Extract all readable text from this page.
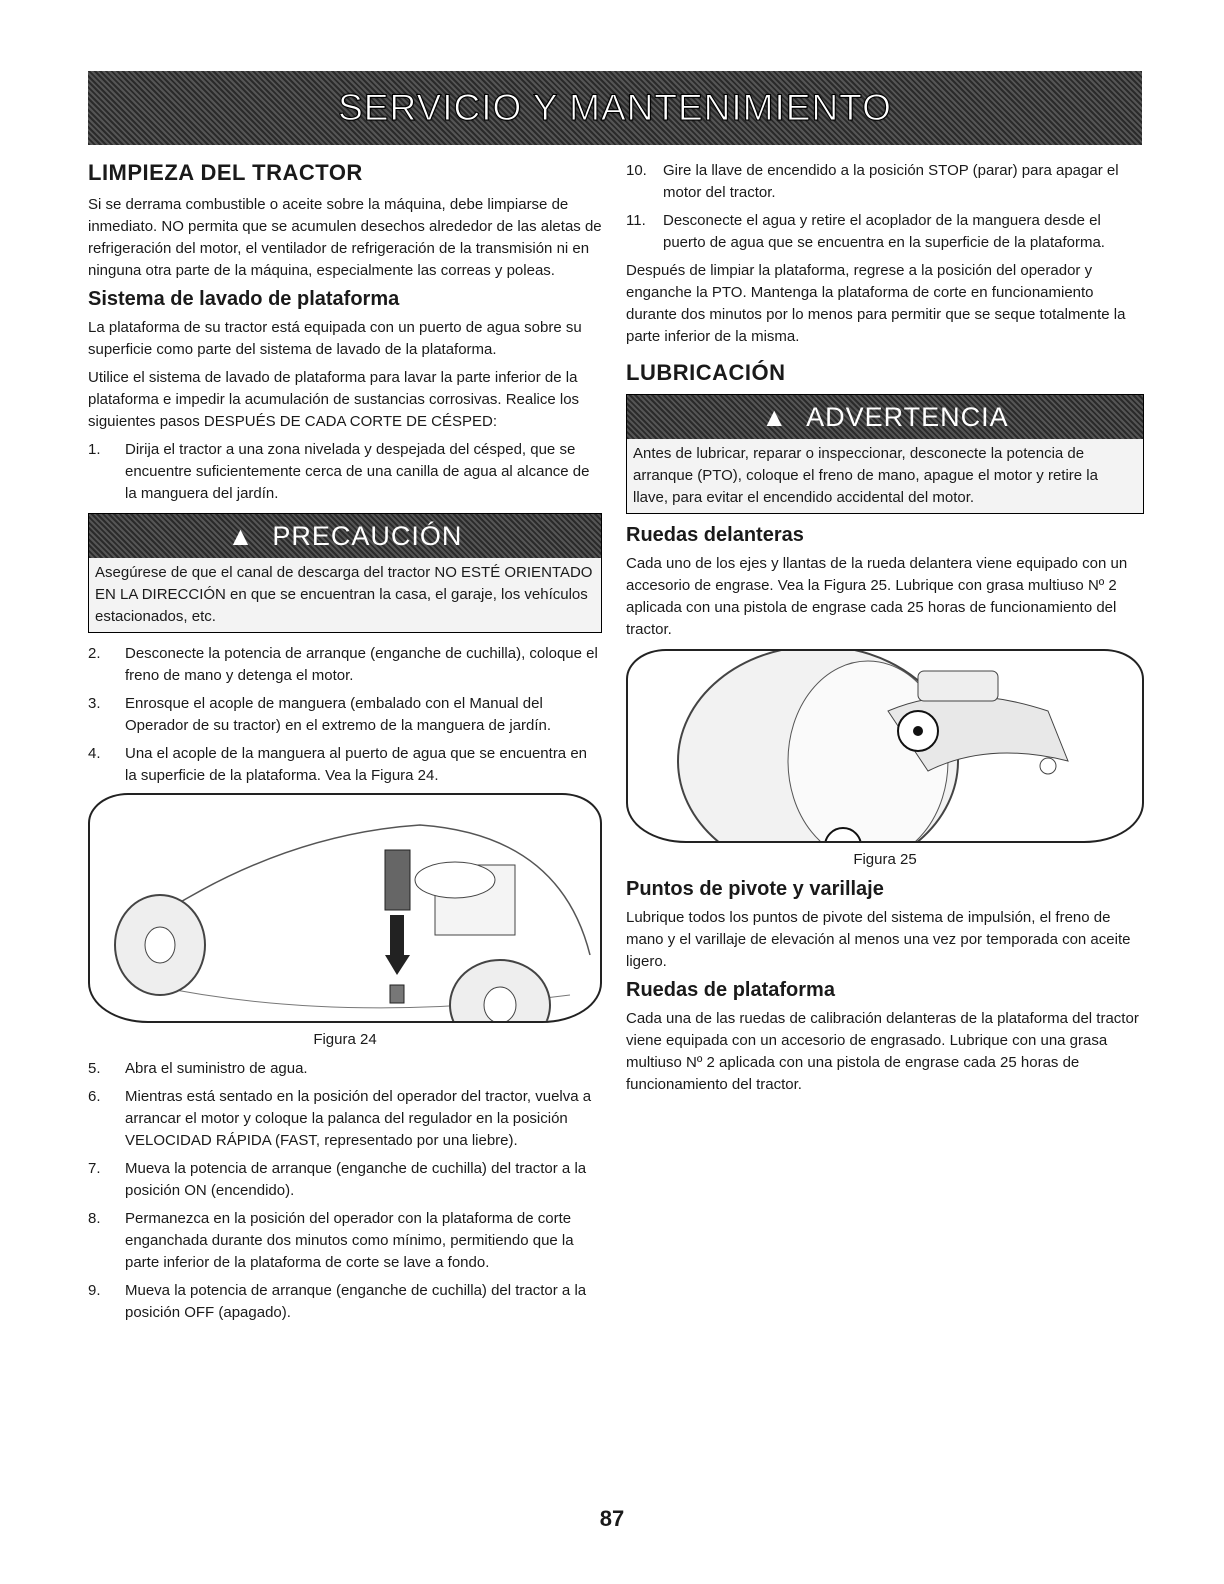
SERVICIO Y MANTENIMIENTO
LIMPIEZA DEL TRACTOR

Si se derrama combustible o aceite sobre la máquina, debe limpiarse de inmediato. NO permita que se acumulen desechos alrededor de las aletas de refrigeración del motor, el ventilador de refrigeración de la transmisión ni en ninguna otra parte de la máquina, especialmente las correas y poleas.

Sistema de lavado de plataforma

La plataforma de su tractor está equipada con un puerto de agua sobre su superficie como parte del sistema de lavado de la plataforma.

Utilice el sistema de lavado de plataforma para lavar la parte inferior de la plataforma e impedir la acumulación de sustancias corrosivas. Realice los siguientes pasos DESPUÉS DE CADA CORTE DE CÉSPED:

1. Dirija el tractor a una zona nivelada y despejada del césped, que se encuentre suficientemente cerca de una canilla de agua al alcance de la manguera del jardín.
▲ PRECAUCIÓN
Asegúrese de que el canal de descarga del tractor NO ESTÉ ORIENTADO EN LA DIRECCIÓN en que se encuentran la casa, el garaje, los vehículos estacionados, etc.
2. Desconecte la potencia de arranque (enganche de cuchilla), coloque el freno de mano y detenga el motor.
3. Enrosque el acople de manguera (embalado con el Manual del Operador de su tractor) en el extremo de la manguera de jardín.
4. Una el acople de la manguera al puerto de agua que se encuentra en la superficie de la plataforma. Vea la Figura 24.
Figura 24
5. Abra el suministro de agua.
6. Mientras está sentado en la posición del operador del tractor, vuelva a arrancar el motor y coloque la palanca del regulador en la posición VELOCIDAD RÁPIDA (FAST, representado por una liebre).
7. Mueva la potencia de arranque (enganche de cuchilla) del tractor a la posición ON (encendido).
8. Permanezca en la posición del operador con la plataforma de corte enganchada durante dos minutos como mínimo, permitiendo que la parte inferior de la plataforma de corte se lave a fondo.
9. Mueva la potencia de arranque (enganche de cuchilla) del tractor a la posición OFF (apagado).
10. Gire la llave de encendido a la posición STOP (parar) para apagar el motor del tractor.
11. Desconecte el agua y retire el acoplador de la manguera desde el puerto de agua que se encuentra en la superficie de la plataforma.

Después de limpiar la plataforma, regrese a la posición del operador y enganche la PTO. Mantenga la plataforma de corte en funcionamiento durante dos minutos por lo menos para permitir que se seque totalmente la parte inferior de la misma.

LUBRICACIÓN
▲ ADVERTENCIA
Antes de lubricar, reparar o inspeccionar, desconecte la potencia de arranque (PTO), coloque el freno de mano, apague el motor y retire la llave, para evitar el encendido accidental del motor.
Ruedas delanteras

Cada uno de los ejes y llantas de la rueda delantera viene equipado con un accesorio de engrase. Vea la Figura 25. Lubrique con grasa multiuso Nº 2 aplicada con una pistola de engrase cada 25 horas de funcionamiento del tractor.

Figura 25
Puntos de pivote y varillaje

Lubrique todos los puntos de pivote del sistema de impulsión, el freno de mano y el varillaje de elevación al menos una vez por temporada con aceite ligero.

Ruedas de plataforma

Cada una de las ruedas de calibración delanteras de la plataforma del tractor viene equipada con un accesorio de engrasado. Lubrique con una grasa multiuso Nº 2 aplicada con una pistola de engrase cada 25 horas de funcionamiento del tractor.

87
